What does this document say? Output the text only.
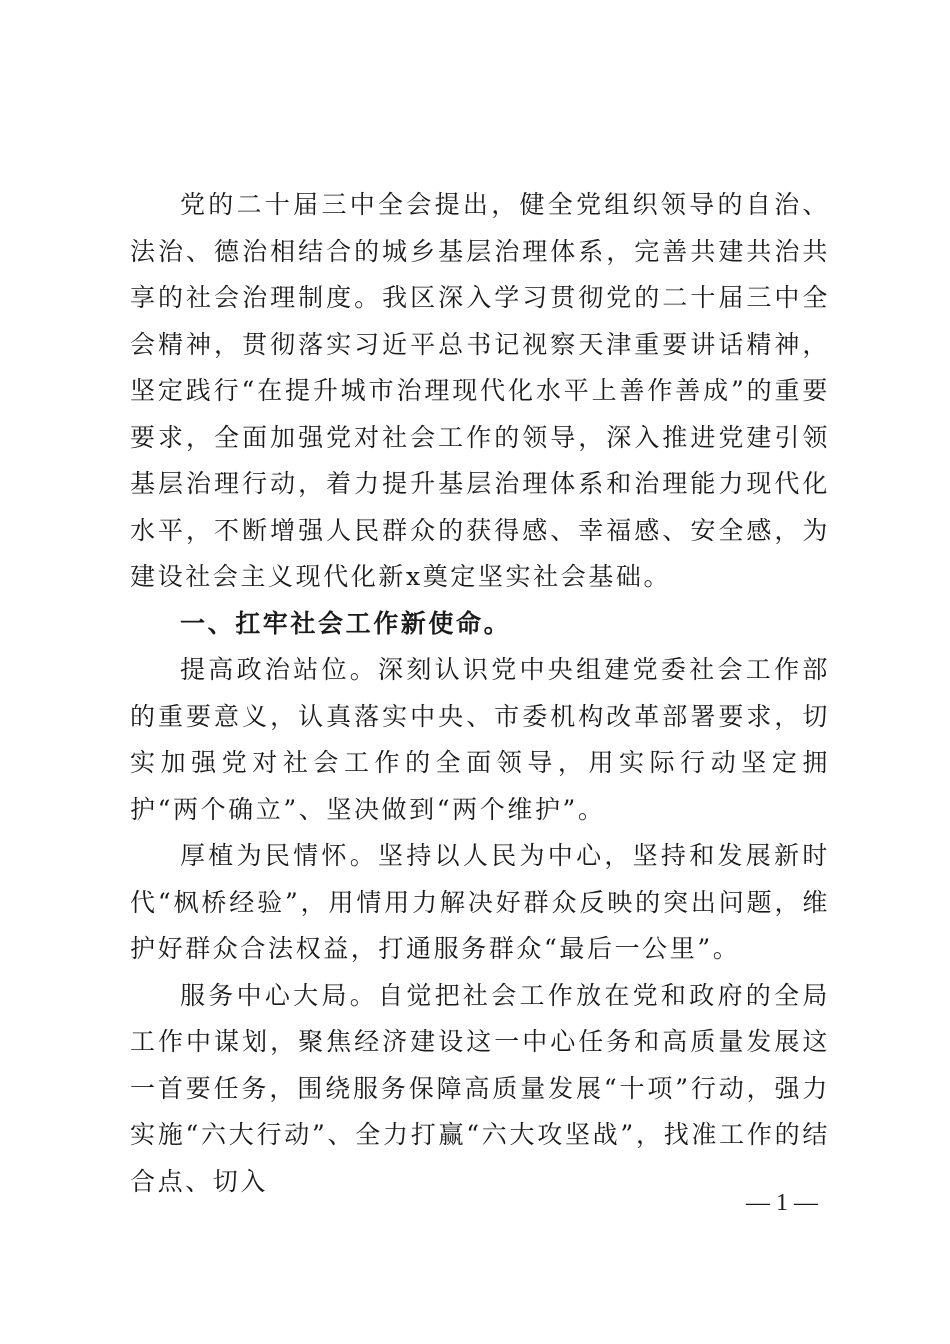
党的二十届三中全会提出，健全党组织领导的自治、法治、德治相结合的城乡基层治理体系，完善共建共治共享的社会治理制度。我区深入学习贯彻党的二十届三中全会精神，贯彻落实习近平总书记视察天津重要讲话精神，坚定践行“在提升城市治理现代化水平上善作善成”的重要要求，全面加强党对社会工作的领导，深入推进党建引领基层治理行动，着力提升基层治理体系和治理能力现代化水平，不断增强人民群众的获得感、幸福感、安全感，为建设社会主义现代化新x奠定坚实社会基础。

一、扛牢社会工作新使命。

提高政治站位。深刻认识党中央组建党委社会工作部的重要意义，认真落实中央、市委机构改革部署要求，切实加强党对社会工作的全面领导，用实际行动坚定拥护“两个确立”、坚决做到“两个维护”。

厚植为民情怀。坚持以人民为中心，坚持和发展新时代“枫桥经验”，用情用力解决好群众反映的突出问题，维护好群众合法权益，打通服务群众“最后一公里”。

服务中心大局。自觉把社会工作放在党和政府的全局工作中谋划，聚焦经济建设这一中心任务和高质量发展这一首要任务，围绕服务保障高质量发展“十项”行动，强力实施“六大行动”、全力打赢“六大攻坚战”，找准工作的结合点、切入

— 1 —
